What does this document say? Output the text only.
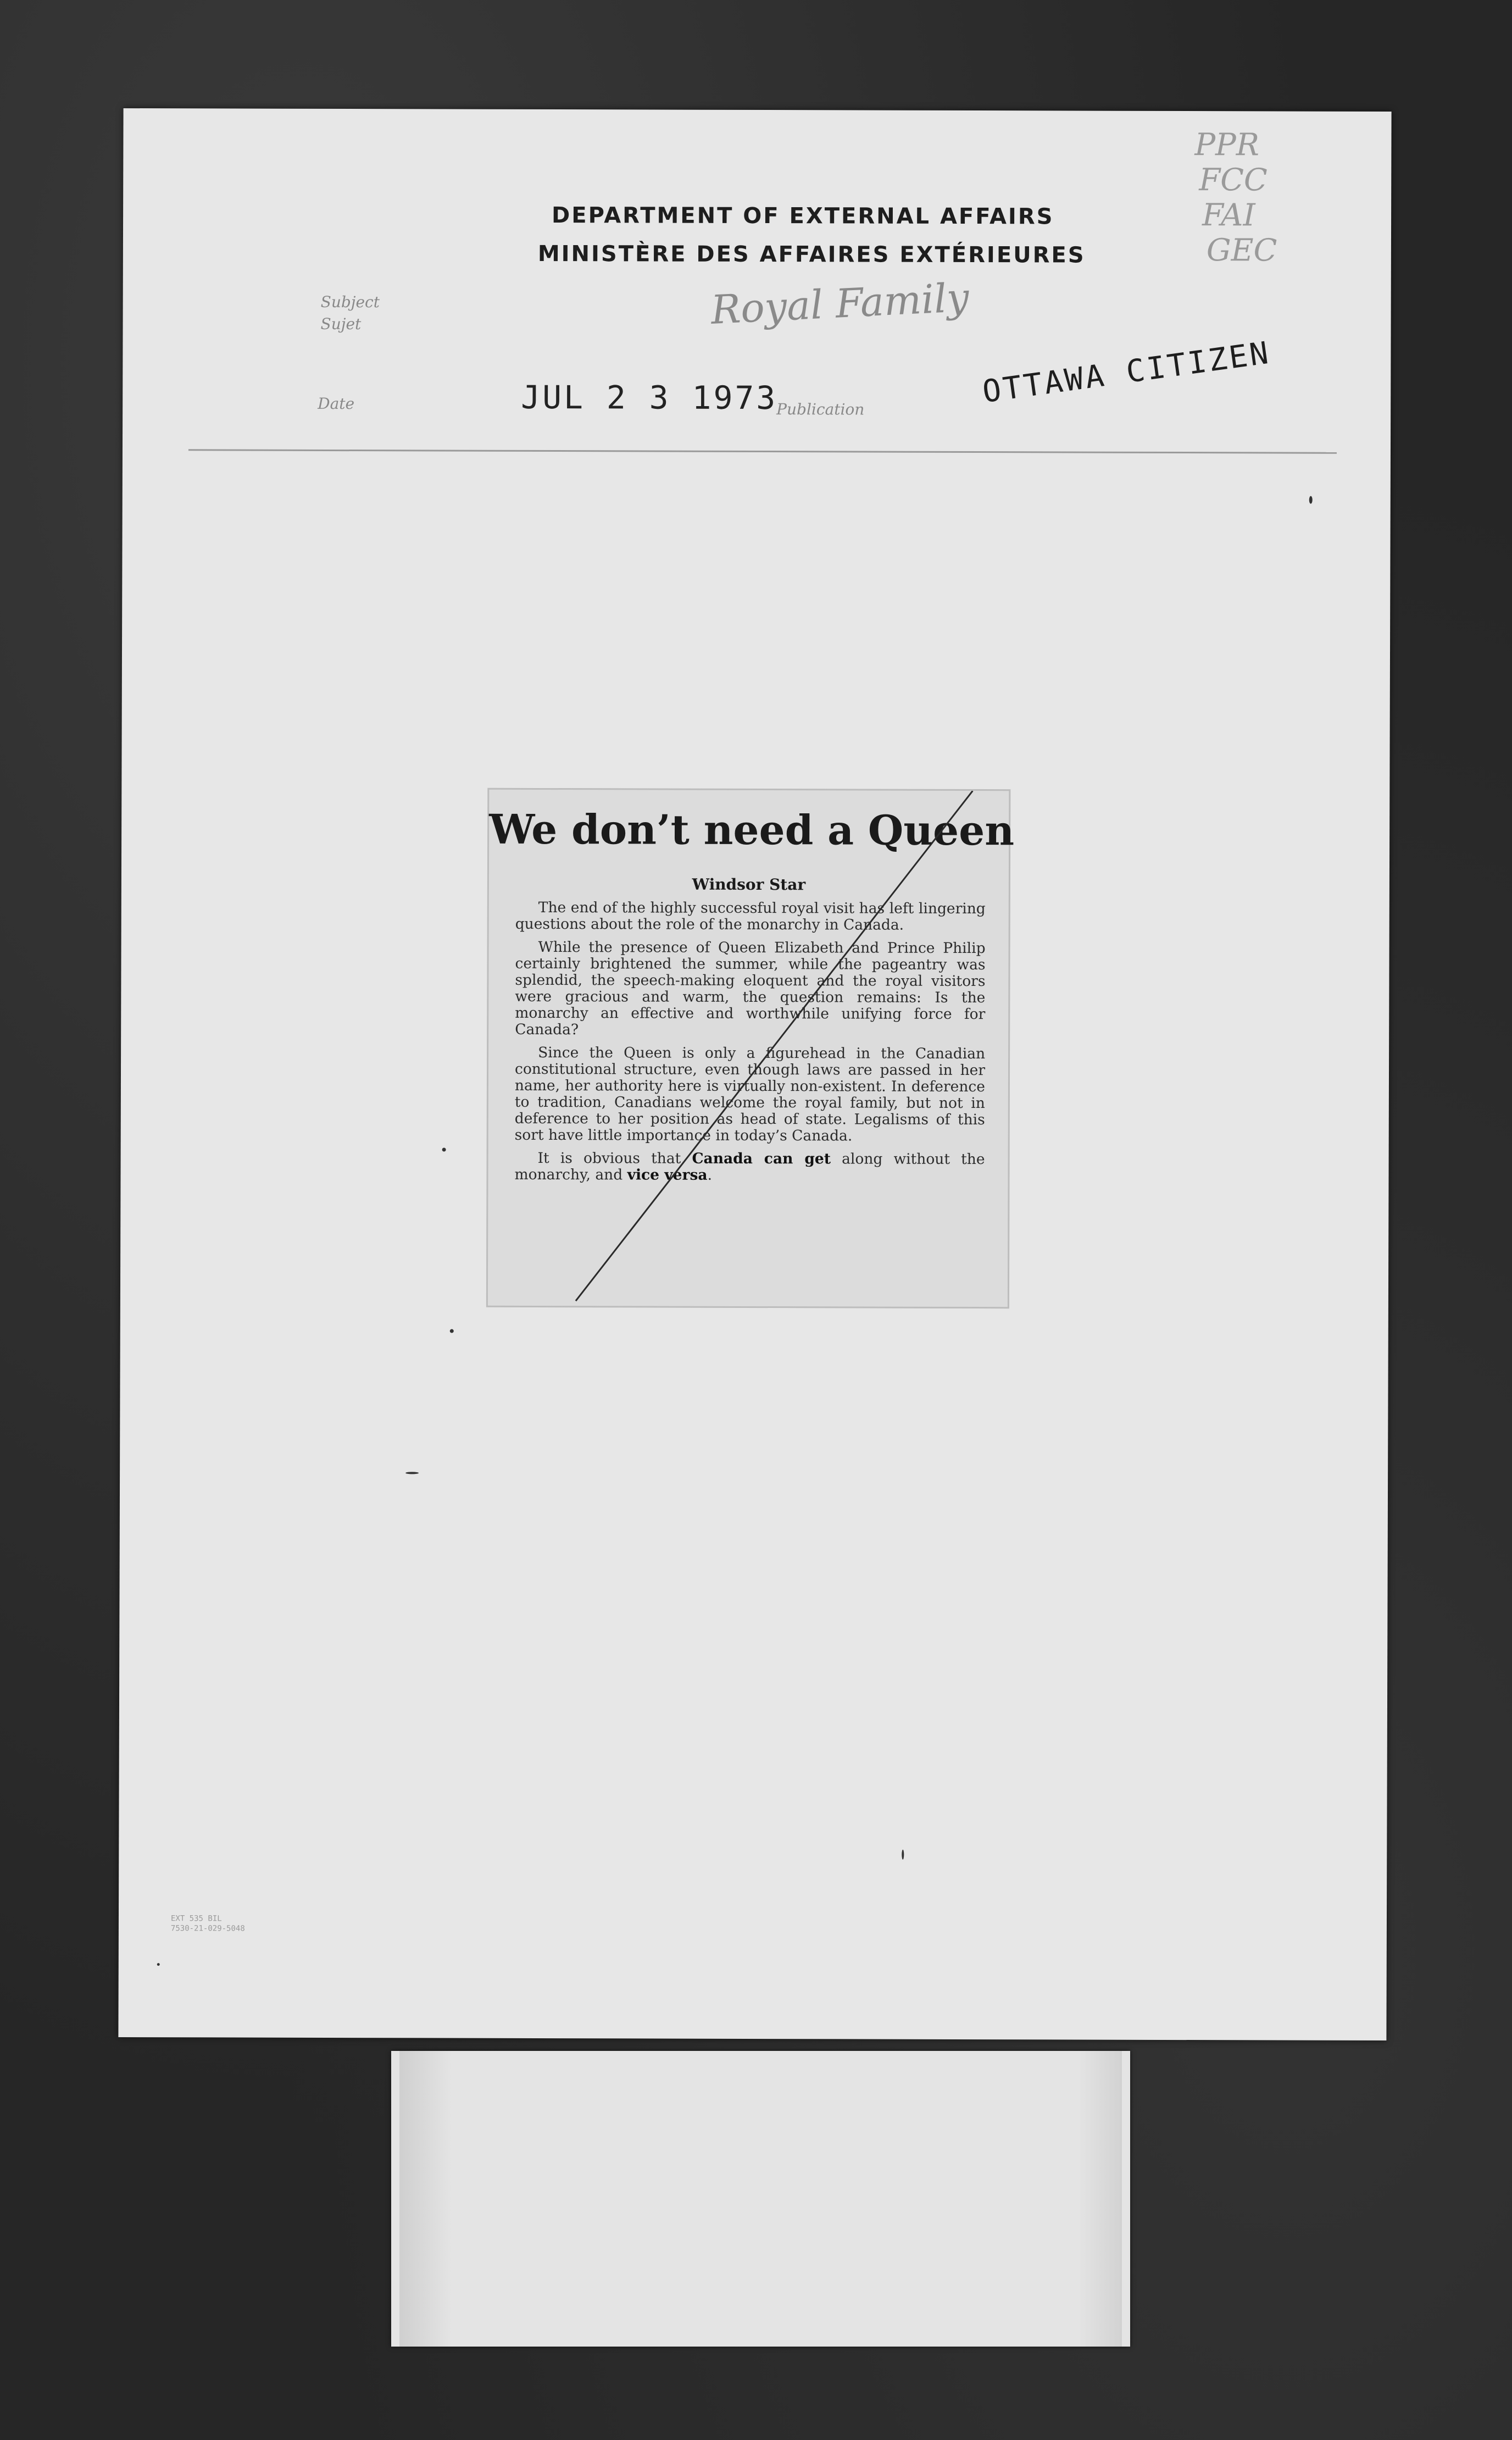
PPR
FCC
FAI
GEC
DEPARTMENT OF EXTERNAL AFFAIRS
MINISTÈRE DES AFFAIRES EXTÉRIEURES
Subject
Sujet	Royal Family
Date	JUL 2 3 1973
Publication	OTTAWA CITIZEN
We don’t need a Queen
Windsor Star

The end of the highly successful royal visit has left lingering questions about the role of the monarchy in Canada.

While the presence of Queen Elizabeth and Prince Philip certainly brightened the summer, while the pageantry was splendid, the speech-making eloquent and the royal visitors were gracious and warm, the question remains: Is the monarchy an effective and worthwhile unifying force for Canada?

Since the Queen is only a figurehead in the Canadian constitutional structure, even though laws are passed in her name, her authority here is virtually non-existent. In deference to tradition, Canadians welcome the royal family, but not in deference to her position as head of state. Legalisms of this sort have little importance in today’s Canada.

It is obvious that Canada can get along without the monarchy, and vice versa.

EXT 535 BIL
7530-21-029-5048
